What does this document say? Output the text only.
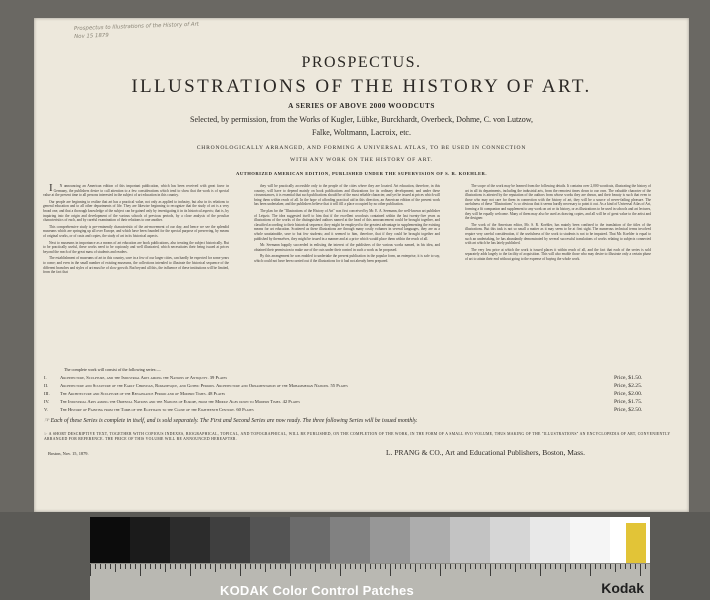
Prospectus to Illustrations of the History of Art
Nov 15 1879
PROSPECTUS.
ILLUSTRATIONS OF THE HISTORY OF ART.
A SERIES OF ABOVE 2000 WOODCUTS
Selected, by permission, from the Works of Kugler, Lübke, Burckhardt, Overbeck, Dohme, C. von Lutzow,
Falke, Woltmann, Lacroix, etc.
CHRONOLOGICALLY ARRANGED, AND FORMING A UNIVERSAL ATLAS, TO BE USED IN CONNECTION
WITH ANY WORK ON THE HISTORY OF ART.
AUTHORIZED AMERICAN EDITION, PUBLISHED UNDER THE SUPERVISION OF S. R. KOEHLER.

I N announcing an American edition of this important publication, which has been received with great favor in Germany, the publishers desire to call attention to a few considerations which tend to show that the work is of special value at the present time to all persons interested in the subject of art education in this country.

Our people are beginning to realize that art has a practical value, not only as applied to industry, but also in its relations to general education and to all other departments of life. They are likewise beginning to recognize that the study of art is a very broad one, and that a thorough knowledge of the subject can be gained only by investigating it in its historical aspects; that is, by inquiring into the origin and development of the various schools of previous periods, by a close analysis of the peculiar characteristics of each, and by careful examination of their relations to one another.

This comprehensive study is pre-eminently characteristic of the art-movement of our day; and hence we see the splendid museums which are springing up all over Europe, and which have been founded for the special purpose of preserving, by means of original works, or of casts and copies, the study of art in its historical aspects.

Next to museums in importance as a means of art education are book publications, also treating the subject historically. But to be practically useful, these works need to be copiously and well illustrated, which necessitates their being issued at prices beyond the reach of the great mass of students and readers.

The establishment of museums of art in this country, save in a few of our larger cities, can hardly be expected for some years to come; and even in the small number of existing museums, the collections intended to illustrate the historical sequence of the different branches and styles of art must be of slow growth. But beyond all this, the influence of these institutions will be limited, from the fact that

they will be practically accessible only to the people of the cities where they are located. Art education, therefore, in this country, will have to depend mainly on book publications and illustrations for its ordinary development; and under these circumstances, it is essential that such publications should be of the most reliable character, and yet be issued at prices which will bring them within reach of all. In the hope of affording practical aid in this direction, an American edition of the present work has been undertaken; and the publishers believe that it will fill a place occupied by no other publication.

The plan for the "Illustrations of the History of Art" was first conceived by Mr. E. A. Seemann, the well-known art publisher of Leipzic. The idea suggested itself to him that if the excellent woodcuts contained within the last twenty-five years as illustrations of the works of the distinguished authors named at the head of this announcement could be brought together, and classified according to their historical sequence, they might be employed to the greatest advantage in supplementing the existing means for art education. Scattered as these illustrations are through many costly volumes in several languages, they are as a whole unattainable, save to but few students; and it seemed to him, therefore, that if they could be brought together and published by themselves, they might be issued in a manner and at a price which would place them within the reach of all.

Mr. Seemann happily succeeded in enlisting the interest of the publishers of the various works named, in his idea, and obtained their permission to make use of the cuts under their control in such a work as he proposed.

By this arrangement he was enabled to undertake the present publication in the popular form, an enterprise, it is safe to say, which could not have been carried out if the illustrations for it had not already been prepared.

The scope of the work may be learned from the following details. It contains over 2,000 woodcuts, illustrating the history of art in all its departments, including the industrial arts, from the remotest times down to our own. The valuable character of the illustrations is attested by the reputation of the authors from whose works they are drawn, and their beauty is such that even to those who may not care for them in connection with the history of art, they will be a source of never-failing pleasure. The usefulness of these "Illustrations" is so obvious that it seems hardly necessary to point it out. As a kind of Universal Atlas of Art, forming a fit companion and supplement to any work on art or its history, or as illustrations to be used in schools and art lectures, they will be equally welcome. Many of them may also be used as drawing copies, and all will be of great value to the artist and the designer.

The work of the American editor, Mr. S. R. Koehler, has mainly been confined to the translation of the titles of the illustrations. But this task is not so small a matter as it may seem to be at first sight. The numerous technical terms involved require very careful consideration, if the usefulness of the work to students is not to be impaired. That Mr. Koehler is equal to such an undertaking, he has abundantly demonstrated by several successful translations of works relating to subjects connected with art which he has lately published.

The very low price at which the work is issued places it within reach of all, and the fact that each of the series is sold separately adds largely to the facility of acquisition. This will also enable those who may desire to illustrate only a certain phase of art to attain their end without going to the expense of buying the whole work.

The complete work will consist of the following series:—
I.	Architecture, Sculpture, and the Industrial Arts among the Nations of Antiquity. 39 Plates	Price, $1.50.
II.	Architecture and Sculpture of the Early Christian, Romanesque, and Gothic Periods. Architecture and Ornamentation of the Mohammedan Nations. 55 Plates	Price, $2.25.
III.	The Architecture and Sculpture of the Renaissance Period and of Modern Times. 48 Plates	Price, $2.00.
IV.	The Industrial Arts among the Oriental Nations and the Nations of Europe, from the Middle Ages down to Modern Times. 42 Plates	Price, $1.75.
V.	The History of Painting from the Tomb of the Egyptians to the Close of the Eighteenth Century. 60 Plates	Price, $2.50.
☞ Each of these Series is complete in itself, and is sold separately. The First and Second Series are now ready. The three following Series will be issued monthly.
☞ A SHORT DESCRIPTIVE TEXT, TOGETHER WITH COPIOUS INDEXES, BIOGRAPHICAL, TOPICAL, AND TOPOGRAPHICAL, WILL BE PUBLISHED, ON THE COMPLETION OF THE WORK, IN THE FORM OF A SMALL 8VO VOLUME, THUS MAKING OF THE "ILLUSTRATIONS" AN ENCYCLOPEDIA OF ART, CONVENIENTLY ARRANGED FOR REFERENCE. THE PRICE OF THIS VOLUME WILL BE ANNOUNCED HEREAFTER.
Boston, Nov. 15, 1879.	L. PRANG & CO., Art and Educational Publishers, Boston, Mass.
KODAK Color Control Patches	Kodak
